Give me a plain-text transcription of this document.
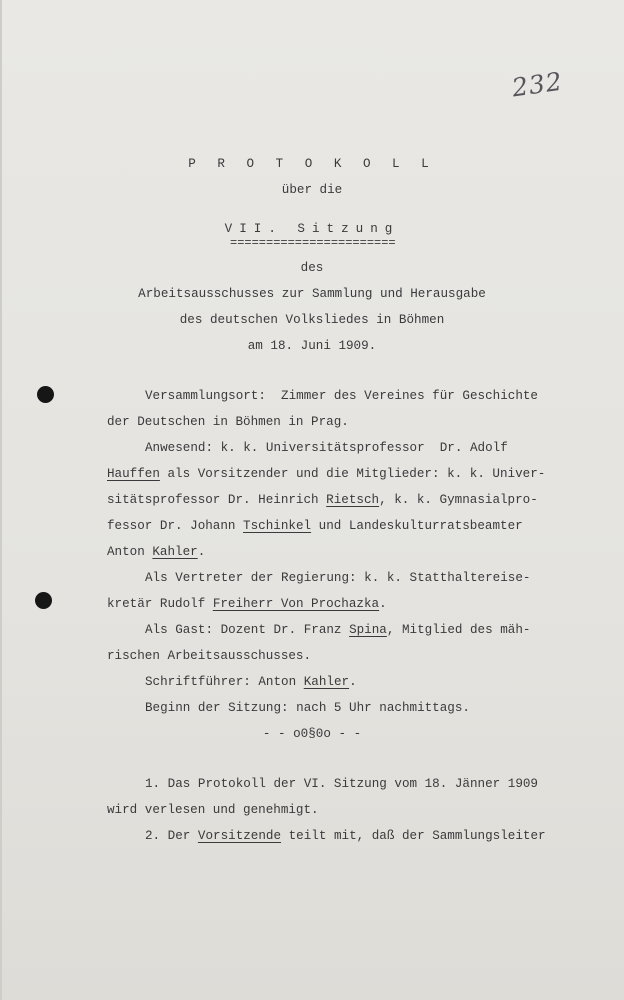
232
P R O T O K O L L
über die
VII. Sitzung
=======================
des
Arbeitsausschusses zur Sammlung und Herausgabe
des deutschen Volksliedes in Böhmen
am 18. Juni 1909.
Versammlungsort:  Zimmer des Vereines für Geschichte
der Deutschen in Böhmen in Prag.
Anwesend: k. k. Universitätsprofessor  Dr. Adolf
Hauffen als Vorsitzender und die Mitglieder: k. k. Univer-
sitätsprofessor Dr. Heinrich Rietsch, k. k. Gymnasialpro-
fessor Dr. Johann Tschinkel und Landeskulturratsbeamter
Anton Kahler.
Als Vertreter der Regierung: k. k. Statthaltereise-
kretär Rudolf Freiherr Von Prochazka.
Als Gast: Dozent Dr. Franz Spina, Mitglied des mäh-
rischen Arbeitsausschusses.
Schriftführer: Anton Kahler.
Beginn der Sitzung: nach 5 Uhr nachmittags.
- - o0§0o - -
1. Das Protokoll der VI. Sitzung vom 18. Jänner 1909
wird verlesen und genehmigt.
2. Der Vorsitzende teilt mit, daß der Sammlungsleiter
